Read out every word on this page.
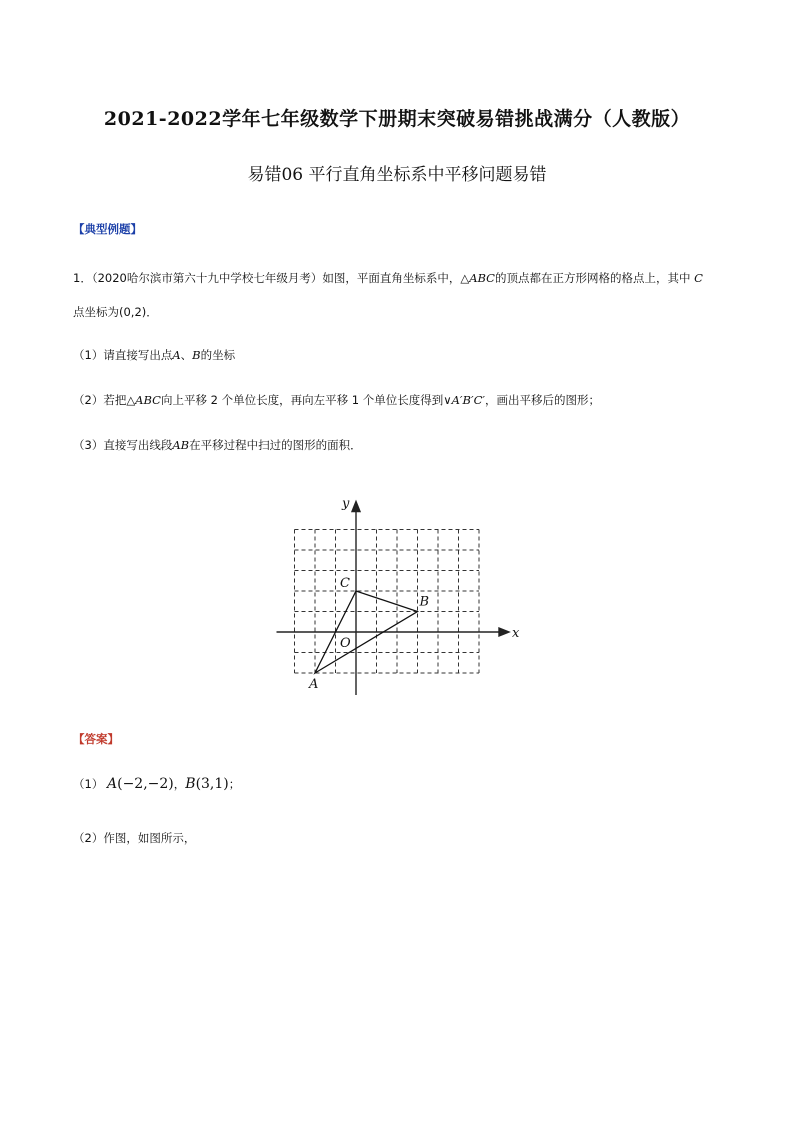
2021-2022学年七年级数学下册期末突破易错挑战满分（人教版）
易错06 平行直角坐标系中平移问题易错
【典型例题】
1．（2020哈尔滨市第六十九中学校七年级月考）如图，平面直角坐标系中，△ABC的顶点都在正方形网格的格点上，其中 C
点坐标为(0,2)．
（1）请直接写出点A、B的坐标
（2）若把△ABC向上平移 2 个单位长度，再向左平移 1 个单位长度得到∨A′B′C′，画出平移后的图形；
（3）直接写出线段AB在平移过程中扫过的图形的面积．
y
x
O
A
B
C
【答案】
（1） A(−2,−2)，B(3,1)；
（2）作图，如图所示，
